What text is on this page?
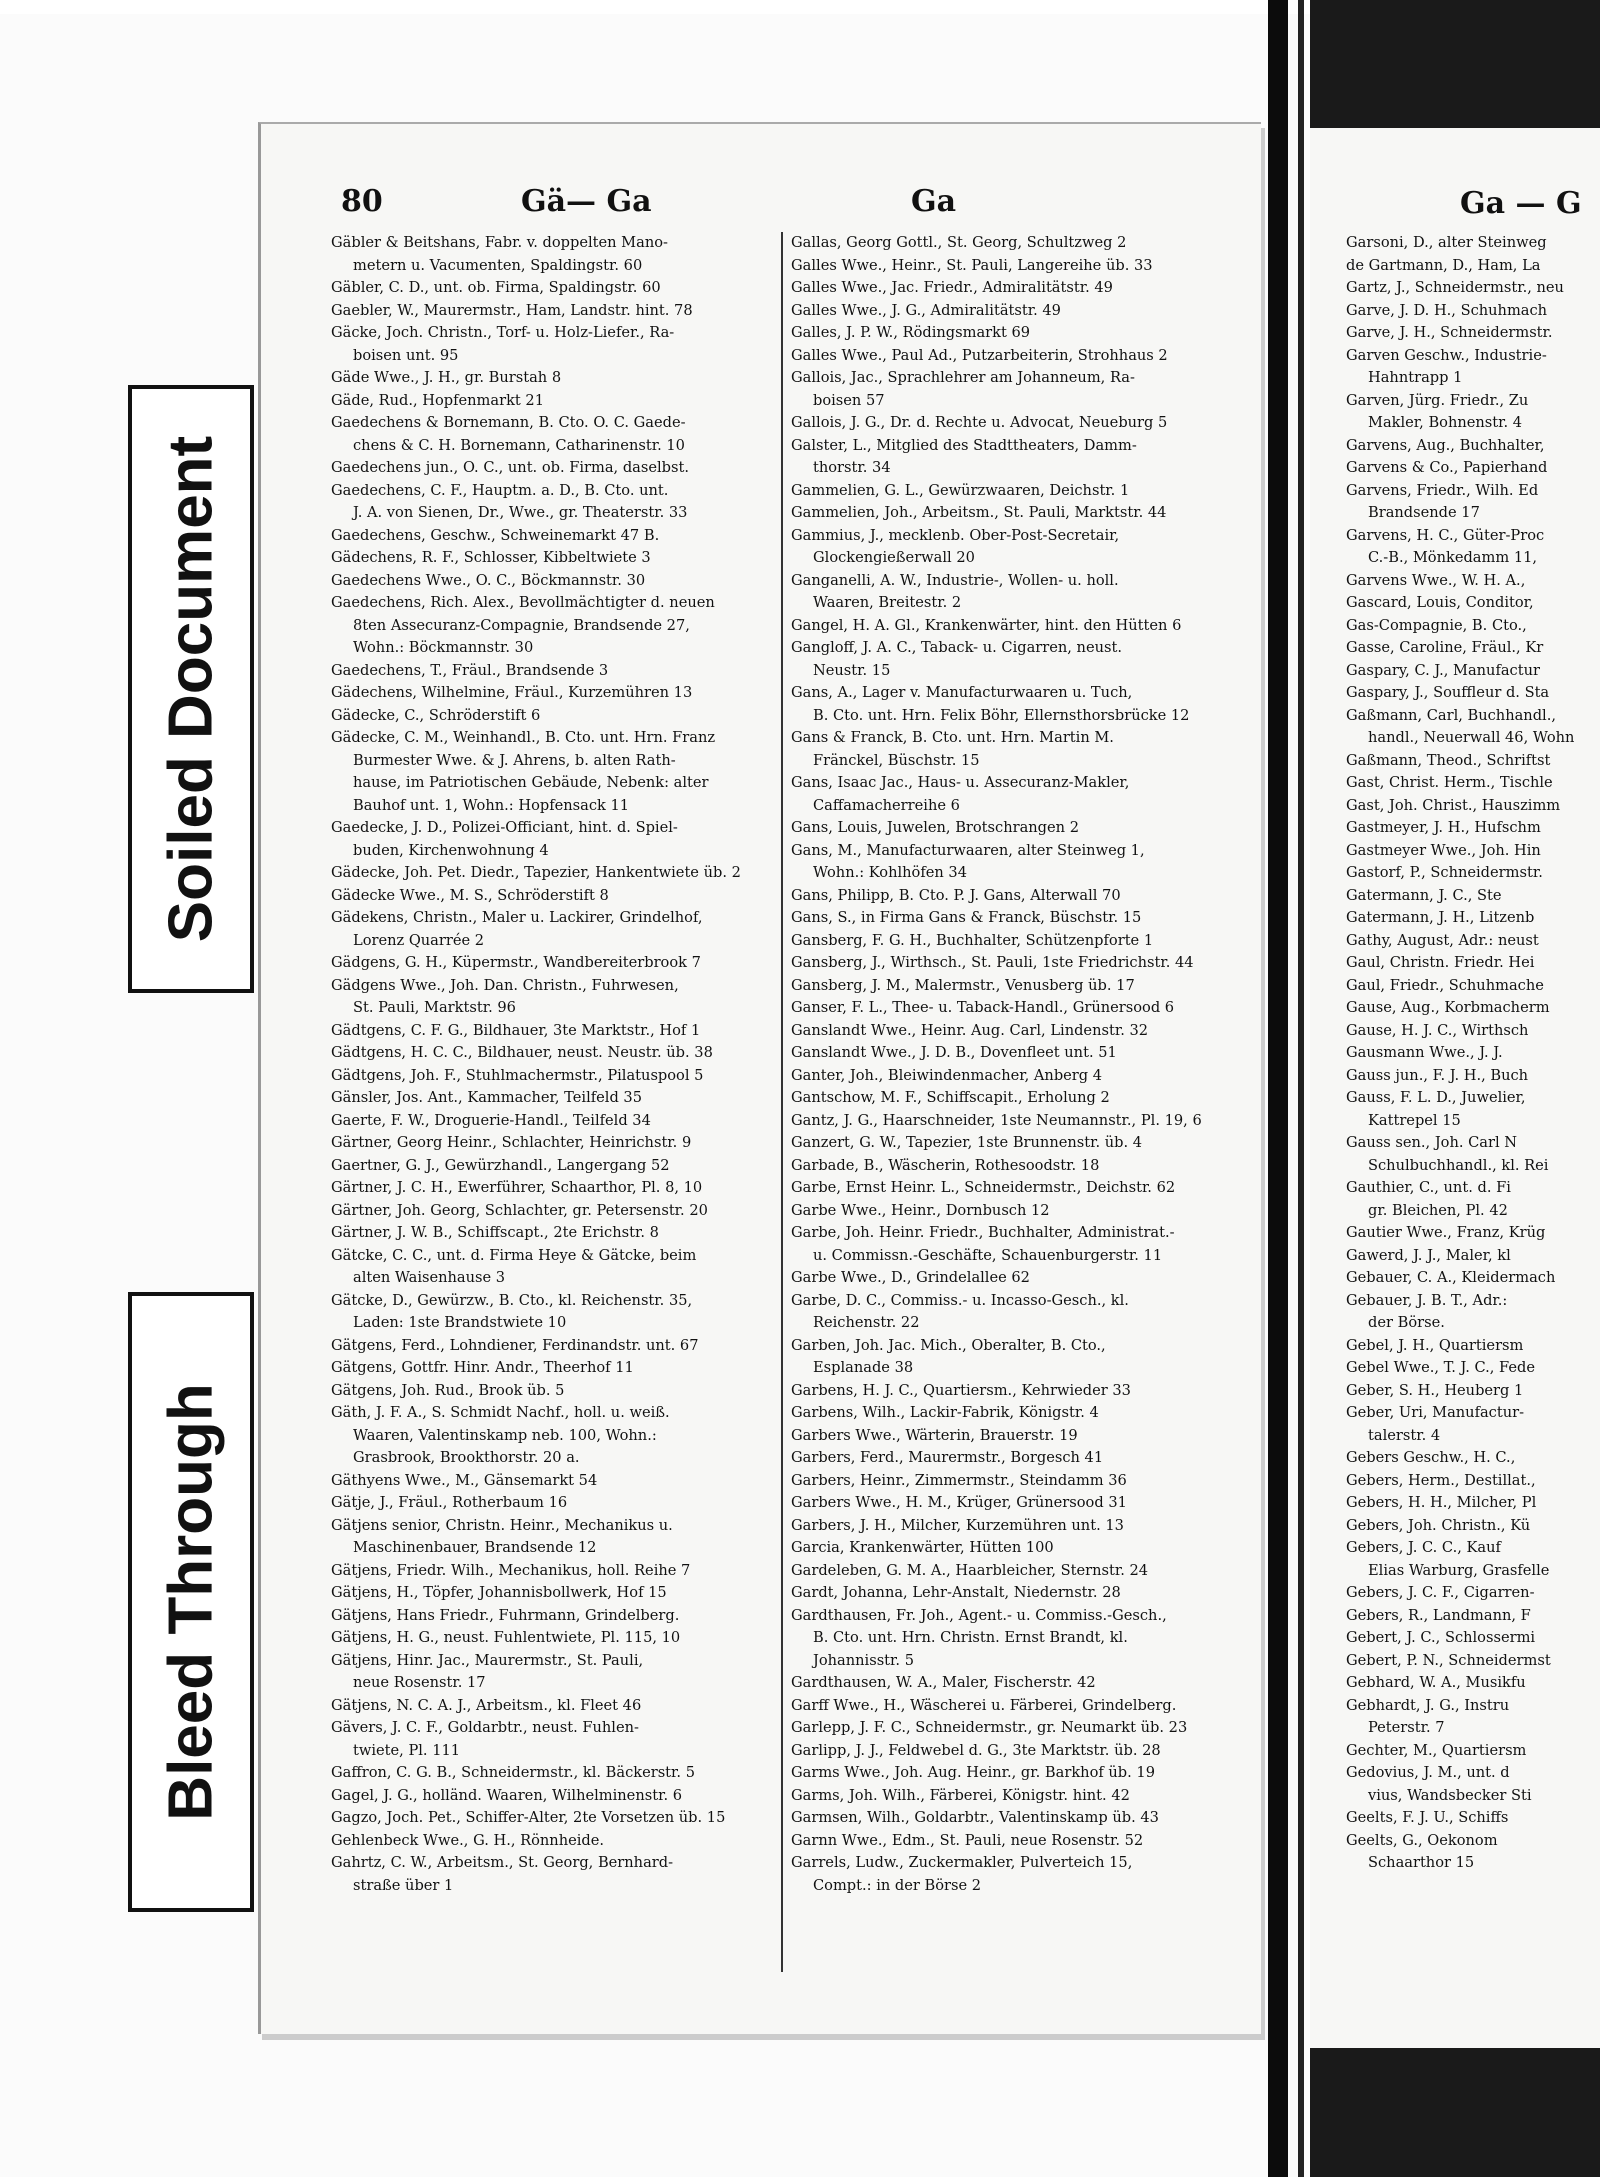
80	Gä— Ga	Ga
Gäbler & Beitshans, Fabr. v. doppelten Mano-
metern u. Vacumenten, Spaldingstr. 60
Gäbler, C. D., unt. ob. Firma, Spaldingstr. 60
Gaebler, W., Maurermstr., Ham, Landstr. hint. 78
Gäcke, Joch. Christn., Torf- u. Holz-Liefer., Ra-
boisen unt. 95
Gäde Wwe., J. H., gr. Burstah 8
Gäde, Rud., Hopfenmarkt 21
Gaedechens & Bornemann, B. Cto. O. C. Gaede-
chens & C. H. Bornemann, Catharinenstr. 10
Gaedechens jun., O. C., unt. ob. Firma, daselbst.
Gaedechens, C. F., Hauptm. a. D., B. Cto. unt.
J. A. von Sienen, Dr., Wwe., gr. Theaterstr. 33
Gaedechens, Geschw., Schweinemarkt 47 B.
Gädechens, R. F., Schlosser, Kibbeltwiete 3
Gaedechens Wwe., O. C., Böckmannstr. 30
Gaedechens, Rich. Alex., Bevollmächtigter d. neuen
8ten Assecuranz-Compagnie, Brandsende 27,
Wohn.: Böckmannstr. 30
Gaedechens, T., Fräul., Brandsende 3
Gädechens, Wilhelmine, Fräul., Kurzemühren 13
Gädecke, C., Schröderstift 6
Gädecke, C. M., Weinhandl., B. Cto. unt. Hrn. Franz
Burmester Wwe. & J. Ahrens, b. alten Rath-
hause, im Patriotischen Gebäude, Nebenk: alter
Bauhof unt. 1, Wohn.: Hopfensack 11
Gaedecke, J. D., Polizei-Officiant, hint. d. Spiel-
buden, Kirchenwohnung 4
Gädecke, Joh. Pet. Diedr., Tapezier, Hankentwiete üb. 2
Gädecke Wwe., M. S., Schröderstift 8
Gädekens, Christn., Maler u. Lackirer, Grindelhof,
Lorenz Quarrée 2
Gädgens, G. H., Küpermstr., Wandbereiterbrook 7
Gädgens Wwe., Joh. Dan. Christn., Fuhrwesen,
St. Pauli, Marktstr. 96
Gädtgens, C. F. G., Bildhauer, 3te Marktstr., Hof 1
Gädtgens, H. C. C., Bildhauer, neust. Neustr. üb. 38
Gädtgens, Joh. F., Stuhlmachermstr., Pilatuspool 5
Gänsler, Jos. Ant., Kammacher, Teilfeld 35
Gaerte, F. W., Droguerie-Handl., Teilfeld 34
Gärtner, Georg Heinr., Schlachter, Heinrichstr. 9
Gaertner, G. J., Gewürzhandl., Langergang 52
Gärtner, J. C. H., Ewerführer, Schaarthor, Pl. 8, 10
Gärtner, Joh. Georg, Schlachter, gr. Petersenstr. 20
Gärtner, J. W. B., Schiffscapt., 2te Erichstr. 8
Gätcke, C. C., unt. d. Firma Heye & Gätcke, beim
alten Waisenhause 3
Gätcke, D., Gewürzw., B. Cto., kl. Reichenstr. 35,
Laden: 1ste Brandstwiete 10
Gätgens, Ferd., Lohndiener, Ferdinandstr. unt. 67
Gätgens, Gottfr. Hinr. Andr., Theerhof 11
Gätgens, Joh. Rud., Brook üb. 5
Gäth, J. F. A., S. Schmidt Nachf., holl. u. weiß.
Waaren, Valentinskamp neb. 100, Wohn.:
Grasbrook, Brookthorstr. 20 a.
Gäthyens Wwe., M., Gänsemarkt 54
Gätje, J., Fräul., Rotherbaum 16
Gätjens senior, Christn. Heinr., Mechanikus u.
Maschinenbauer, Brandsende 12
Gätjens, Friedr. Wilh., Mechanikus, holl. Reihe 7
Gätjens, H., Töpfer, Johannisbollwerk, Hof 15
Gätjens, Hans Friedr., Fuhrmann, Grindelberg.
Gätjens, H. G., neust. Fuhlentwiete, Pl. 115, 10
Gätjens, Hinr. Jac., Maurermstr., St. Pauli,
neue Rosenstr. 17
Gätjens, N. C. A. J., Arbeitsm., kl. Fleet 46
Gävers, J. C. F., Goldarbtr., neust. Fuhlen-
twiete, Pl. 111
Gaffron, C. G. B., Schneidermstr., kl. Bäckerstr. 5
Gagel, J. G., holländ. Waaren, Wilhelminenstr. 6
Gagzo, Joch. Pet., Schiffer-Alter, 2te Vorsetzen üb. 15
Gehlenbeck Wwe., G. H., Rönnheide.
Gahrtz, C. W., Arbeitsm., St. Georg, Bernhard-
straße über 1
Gallas, Georg Gottl., St. Georg, Schultzweg 2
Galles Wwe., Heinr., St. Pauli, Langereihe üb. 33
Galles Wwe., Jac. Friedr., Admiralitätstr. 49
Galles Wwe., J. G., Admiralitätstr. 49
Galles, J. P. W., Rödingsmarkt 69
Galles Wwe., Paul Ad., Putzarbeiterin, Strohhaus 2
Gallois, Jac., Sprachlehrer am Johanneum, Ra-
boisen 57
Gallois, J. G., Dr. d. Rechte u. Advocat, Neueburg 5
Galster, L., Mitglied des Stadttheaters, Damm-
thorstr. 34
Gammelien, G. L., Gewürzwaaren, Deichstr. 1
Gammelien, Joh., Arbeitsm., St. Pauli, Marktstr. 44
Gammius, J., mecklenb. Ober-Post-Secretair,
Glockengießerwall 20
Ganganelli, A. W., Industrie-, Wollen- u. holl.
Waaren, Breitestr. 2
Gangel, H. A. Gl., Krankenwärter, hint. den Hütten 6
Gangloff, J. A. C., Taback- u. Cigarren, neust.
Neustr. 15
Gans, A., Lager v. Manufacturwaaren u. Tuch,
B. Cto. unt. Hrn. Felix Böhr, Ellernsthorsbrücke 12
Gans & Franck, B. Cto. unt. Hrn. Martin M.
Fränckel, Büschstr. 15
Gans, Isaac Jac., Haus- u. Assecuranz-Makler,
Caffamacherreihe 6
Gans, Louis, Juwelen, Brotschrangen 2
Gans, M., Manufacturwaaren, alter Steinweg 1,
Wohn.: Kohlhöfen 34
Gans, Philipp, B. Cto. P. J. Gans, Alterwall 70
Gans, S., in Firma Gans & Franck, Büschstr. 15
Gansberg, F. G. H., Buchhalter, Schützenpforte 1
Gansberg, J., Wirthsch., St. Pauli, 1ste Friedrichstr. 44
Gansberg, J. M., Malermstr., Venusberg üb. 17
Ganser, F. L., Thee- u. Taback-Handl., Grünersood 6
Ganslandt Wwe., Heinr. Aug. Carl, Lindenstr. 32
Ganslandt Wwe., J. D. B., Dovenfleet unt. 51
Ganter, Joh., Bleiwindenmacher, Anberg 4
Gantschow, M. F., Schiffscapit., Erholung 2
Gantz, J. G., Haarschneider, 1ste Neumannstr., Pl. 19, 6
Ganzert, G. W., Tapezier, 1ste Brunnenstr. üb. 4
Garbade, B., Wäscherin, Rothesoodstr. 18
Garbe, Ernst Heinr. L., Schneidermstr., Deichstr. 62
Garbe Wwe., Heinr., Dornbusch 12
Garbe, Joh. Heinr. Friedr., Buchhalter, Administrat.-
u. Commissn.-Geschäfte, Schauenburgerstr. 11
Garbe Wwe., D., Grindelallee 62
Garbe, D. C., Commiss.- u. Incasso-Gesch., kl.
Reichenstr. 22
Garben, Joh. Jac. Mich., Oberalter, B. Cto.,
Esplanade 38
Garbens, H. J. C., Quartiersm., Kehrwieder 33
Garbens, Wilh., Lackir-Fabrik, Königstr. 4
Garbers Wwe., Wärterin, Brauerstr. 19
Garbers, Ferd., Maurermstr., Borgesch 41
Garbers, Heinr., Zimmermstr., Steindamm 36
Garbers Wwe., H. M., Krüger, Grünersood 31
Garbers, J. H., Milcher, Kurzemühren unt. 13
Garcia, Krankenwärter, Hütten 100
Gardeleben, G. M. A., Haarbleicher, Sternstr. 24
Gardt, Johanna, Lehr-Anstalt, Niedernstr. 28
Gardthausen, Fr. Joh., Agent.- u. Commiss.-Gesch.,
B. Cto. unt. Hrn. Christn. Ernst Brandt, kl.
Johannisstr. 5
Gardthausen, W. A., Maler, Fischerstr. 42
Garff Wwe., H., Wäscherei u. Färberei, Grindelberg.
Garlepp, J. F. C., Schneidermstr., gr. Neumarkt üb. 23
Garlipp, J. J., Feldwebel d. G., 3te Marktstr. üb. 28
Garms Wwe., Joh. Aug. Heinr., gr. Barkhof üb. 19
Garms, Joh. Wilh., Färberei, Königstr. hint. 42
Garmsen, Wilh., Goldarbtr., Valentinskamp üb. 43
Garnn Wwe., Edm., St. Pauli, neue Rosenstr. 52
Garrels, Ludw., Zuckermakler, Pulverteich 15,
Compt.: in der Börse 2
Ga — G
Garsoni, D., alter Steinweg
de Gartmann, D., Ham, La
Gartz, J., Schneidermstr., neu
Garve, J. D. H., Schuhmach
Garve, J. H., Schneidermstr.
Garven Geschw., Industrie-
Hahntrapp 1
Garven, Jürg. Friedr., Zu
Makler, Bohnenstr. 4
Garvens, Aug., Buchhalter,
Garvens & Co., Papierhand
Garvens, Friedr., Wilh. Ed
Brandsende 17
Garvens, H. C., Güter-Proc
C.-B., Mönkedamm 11,
Garvens Wwe., W. H. A.,
Gascard, Louis, Conditor,
Gas-Compagnie, B. Cto.,
Gasse, Caroline, Fräul., Kr
Gaspary, C. J., Manufactur
Gaspary, J., Souffleur d. Sta
Gaßmann, Carl, Buchhandl.,
handl., Neuerwall 46, Wohn
Gaßmann, Theod., Schriftst
Gast, Christ. Herm., Tischle
Gast, Joh. Christ., Hauszimm
Gastmeyer, J. H., Hufschm
Gastmeyer Wwe., Joh. Hin
Gastorf, P., Schneidermstr.
Gatermann, J. C., Ste
Gatermann, J. H., Litzenb
Gathy, August, Adr.: neust
Gaul, Christn. Friedr. Hei
Gaul, Friedr., Schuhmache
Gause, Aug., Korbmacherm
Gause, H. J. C., Wirthsch
Gausmann Wwe., J. J.
Gauss jun., F. J. H., Buch
Gauss, F. L. D., Juwelier,
Kattrepel 15
Gauss sen., Joh. Carl N
Schulbuchhandl., kl. Rei
Gauthier, C., unt. d. Fi
gr. Bleichen, Pl. 42
Gautier Wwe., Franz, Krüg
Gawerd, J. J., Maler, kl
Gebauer, C. A., Kleidermach
Gebauer, J. B. T., Adr.:
der Börse.
Gebel, J. H., Quartiersm
Gebel Wwe., T. J. C., Fede
Geber, S. H., Heuberg 1
Geber, Uri, Manufactur-
talerstr. 4
Gebers Geschw., H. C.,
Gebers, Herm., Destillat.,
Gebers, H. H., Milcher, Pl
Gebers, Joh. Christn., Kü
Gebers, J. C. C., Kauf
Elias Warburg, Grasfelle
Gebers, J. C. F., Cigarren-
Gebers, R., Landmann, F
Gebert, J. C., Schlossermi
Gebert, P. N., Schneidermst
Gebhard, W. A., Musikfu
Gebhardt, J. G., Instru
Peterstr. 7
Gechter, M., Quartiersm
Gedovius, J. M., unt. d
vius, Wandsbecker Sti
Geelts, F. J. U., Schiffs
Geelts, G., Oekonom
Schaarthor 15
Soiled Document
Bleed Through
